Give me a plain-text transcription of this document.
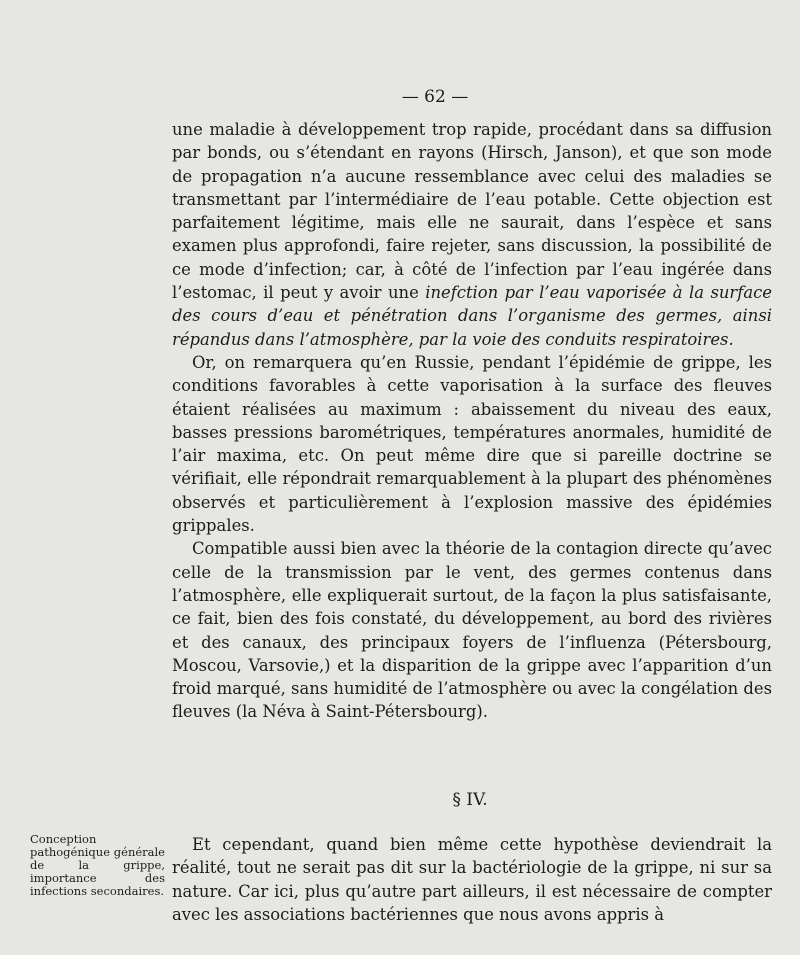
— 62 —

une maladie à développement trop rapide, procédant dans sa diffusion par bonds, ou s’étendant en rayons (Hirsch, Janson), et que son mode de propagation n’a aucune ressemblance avec celui des maladies se transmettant par l’intermédiaire de l’eau potable. Cette objection est parfaitement légitime, mais elle ne saurait, dans l’espèce et sans examen plus approfondi, faire rejeter, sans discussion, la possibilité de ce mode d’infection; car, à côté de l’infection par l’eau ingérée dans l’estomac, il peut y avoir une inefction par l’eau vaporisée à la surface des cours d’eau et pénétration dans l’organisme des germes, ainsi répandus dans l’atmosphère, par la voie des conduits respiratoires.

Or, on remarquera qu’en Russie, pendant l’épidémie de grippe, les conditions favorables à cette vaporisation à la surface des fleuves étaient réalisées au maximum : abaissement du niveau des eaux, basses pressions barométriques, températures anormales, humidité de l’air maxima, etc. On peut même dire que si pareille doctrine se vérifiait, elle répondrait remarquablement à la plupart des phénomènes observés et particulièrement à l’explosion massive des épidémies grippales.

Compatible aussi bien avec la théorie de la contagion directe qu’avec celle de la transmission par le vent, des germes contenus dans l’atmosphère, elle expliquerait surtout, de la façon la plus satisfaisante, ce fait, bien des fois constaté, du développement, au bord des rivières et des canaux, des principaux foyers de l’influenza (Pétersbourg, Moscou, Varsovie,) et la disparition de la grippe avec l’apparition d’un froid marqué, sans humidité de l’atmosphère ou avec la congélation des fleuves (la Néva à Saint-Pétersbourg).

§ IV.
Conception pathogénique générale de la grippe, importance des infections secondaires.

Et cependant, quand bien même cette hypothèse deviendrait la réalité, tout ne serait pas dit sur la bactériologie de la grippe, ni sur sa nature. Car ici, plus qu’autre part ailleurs, il est nécessaire de compter avec les associations bactériennes que nous avons appris à
